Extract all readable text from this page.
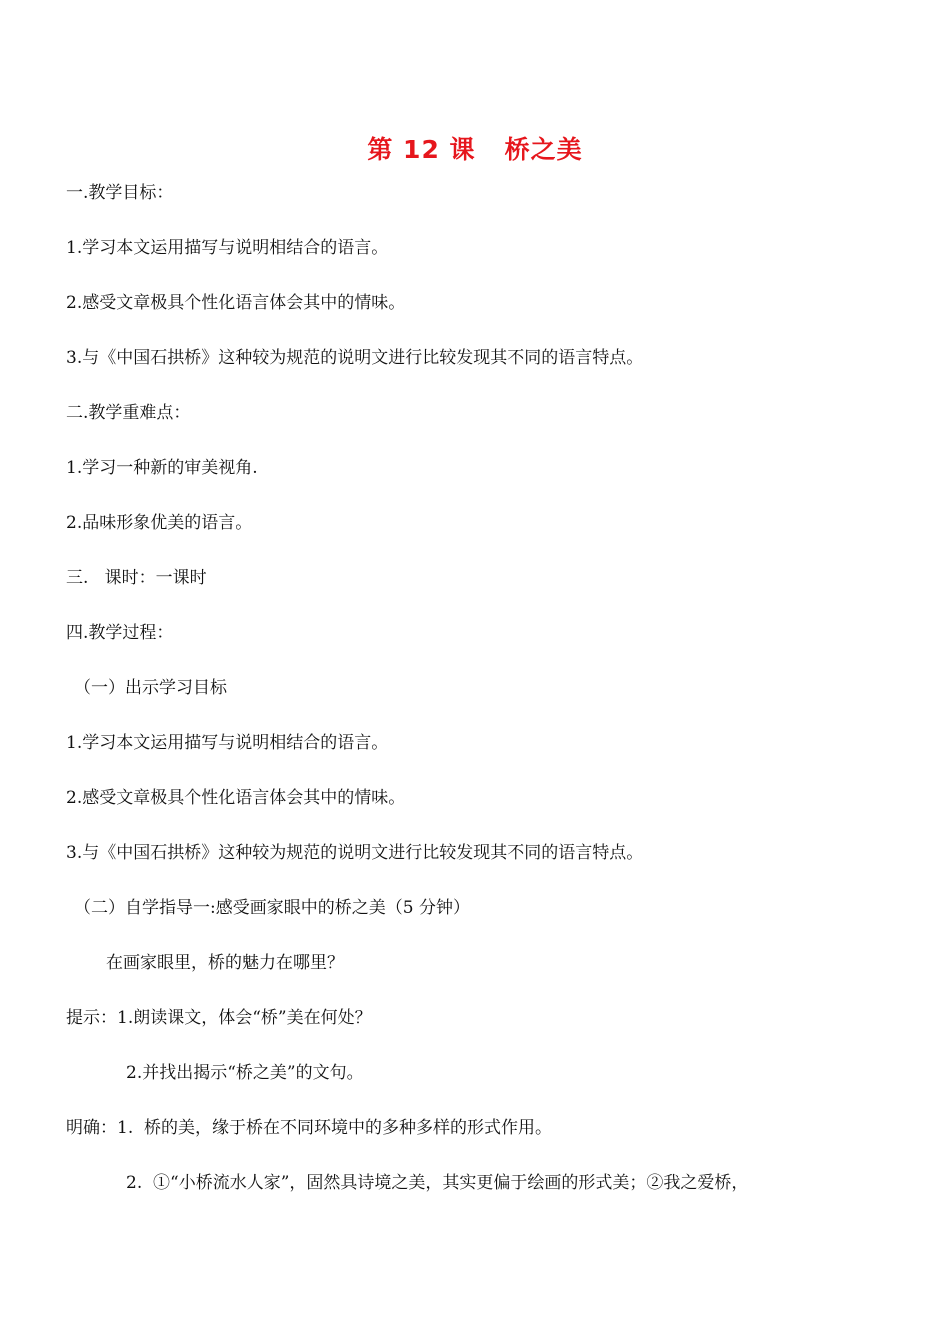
第 12 课   桥之美
一.教学目标：
1.学习本文运用描写与说明相结合的语言。
2.感受文章极具个性化语言体会其中的情味。
3.与《中国石拱桥》这种较为规范的说明文进行比较发现其不同的语言特点。
二.教学重难点：
1.学习一种新的审美视角.
2.品味形象优美的语言。
三.   课时：一课时
四.教学过程：
（一）出示学习目标
1.学习本文运用描写与说明相结合的语言。
2.感受文章极具个性化语言体会其中的情味。
3.与《中国石拱桥》这种较为规范的说明文进行比较发现其不同的语言特点。
（二）自学指导一:感受画家眼中的桥之美（5 分钟）
在画家眼里，桥的魅力在哪里？
提示：1.朗读课文，体会“桥”美在何处？
2.并找出揭示“桥之美”的文句。
明确：1.  桥的美，缘于桥在不同环境中的多种多样的形式作用。
2.  ①“小桥流水人家”，固然具诗境之美，其实更偏于绘画的形式美；②我之爱桥，
